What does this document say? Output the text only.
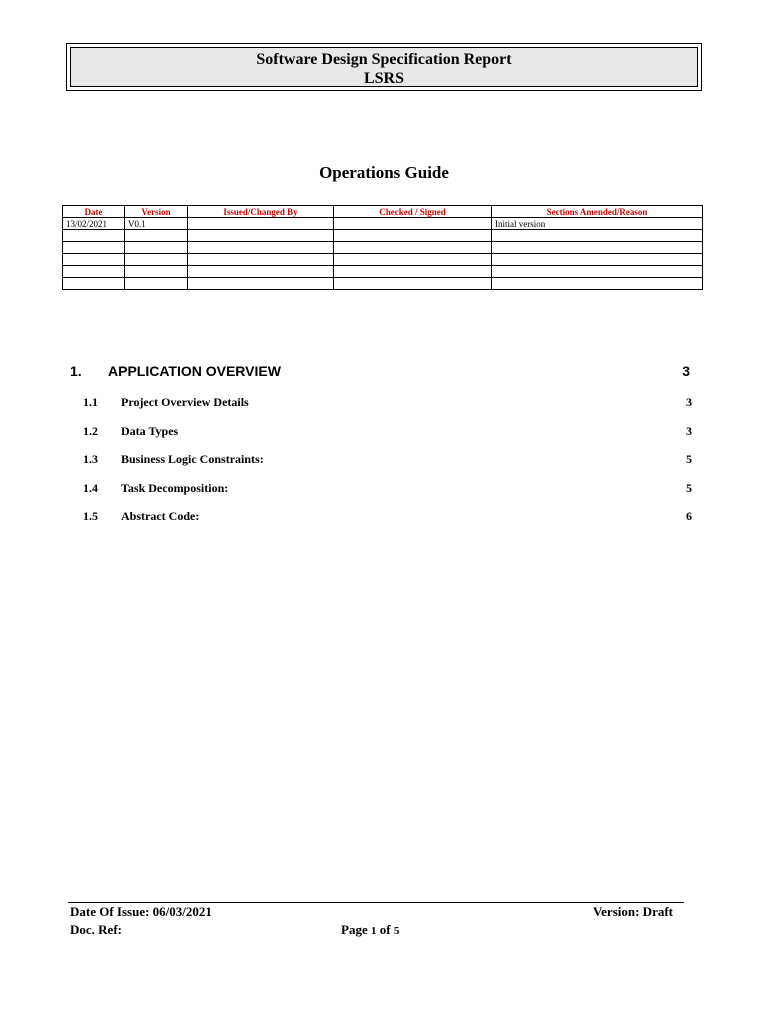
Software Design Specification Report
LSRS
Operations Guide
Date	Version	Issued/Changed By	Checked / Signed	Sections Amended/Reason
13/02/2021	V0.1			Initial version

1. APPLICATION OVERVIEW	3
1.1 Project Overview Details	3
1.2 Data Types	3
1.3 Business Logic Constraints:	5
1.4 Task Decomposition:	5
1.5 Abstract Code:	6
Date Of Issue: 06/03/2021	Version: Draft
Doc. Ref:	Page 1 of 5
